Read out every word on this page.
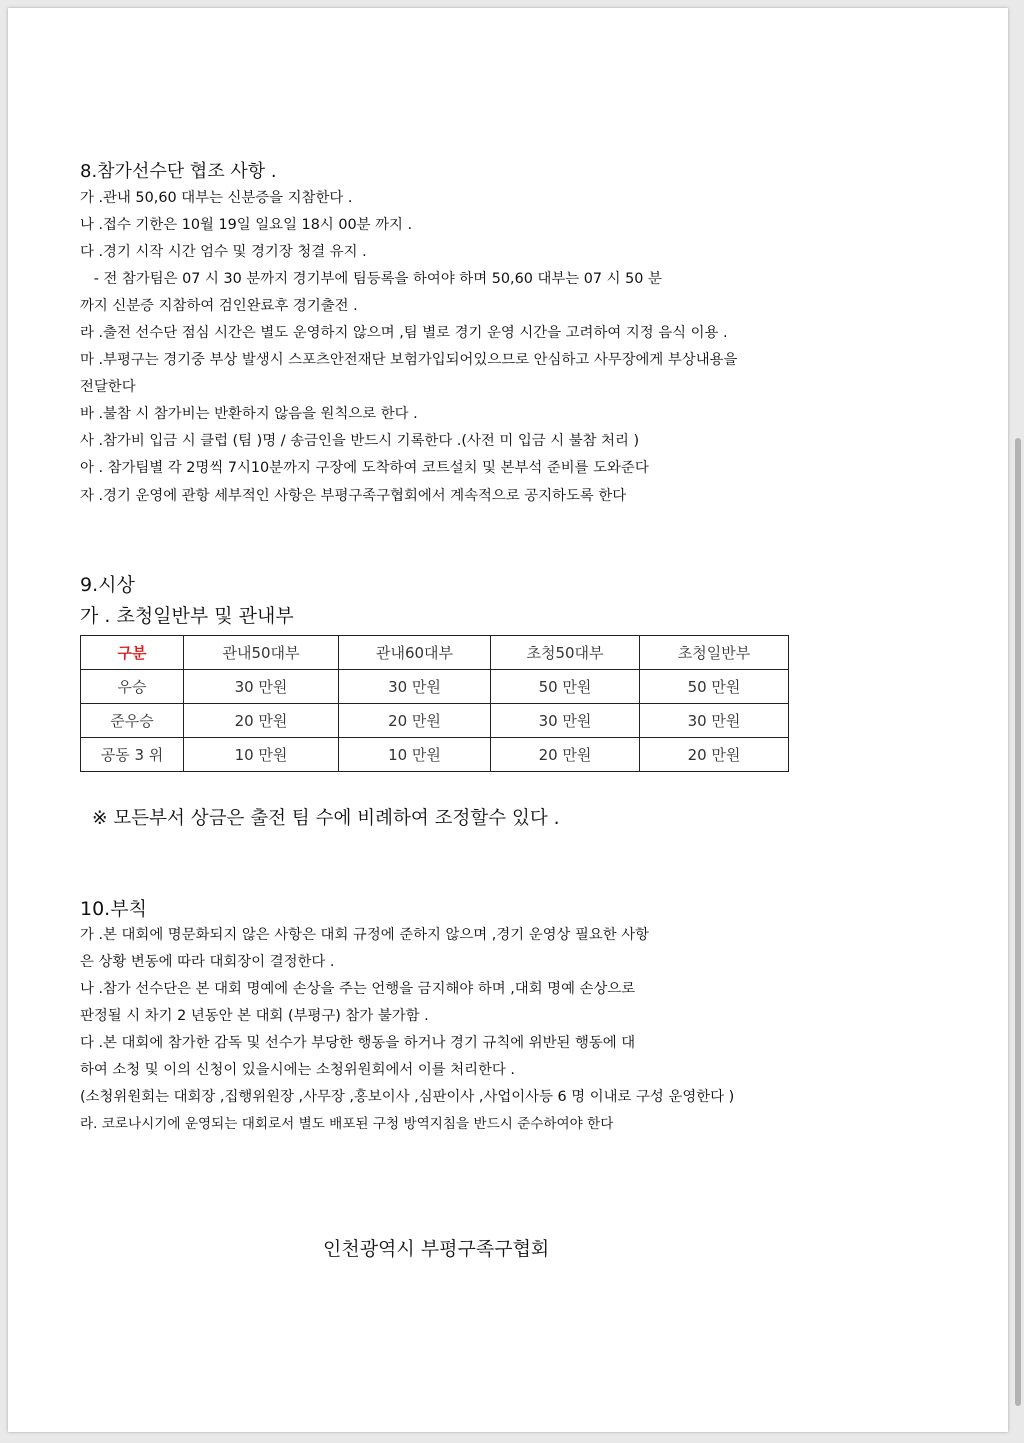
8.참가선수단 협조 사항 .
가 .관내 50,60 대부는 신분증을 지참한다 .
나 .접수 기한은 10월 19일 일요일 18시 00분 까지 .
다 .경기 시작 시간 엄수 및 경기장 청결 유지 .
- 전 참가팀은 07 시 30 분까지 경기부에 팀등록을 하여야 하며 50,60 대부는 07 시 50 분
까지 신분증 지참하여 검인완료후 경기출전 .
라 .출전 선수단 점심 시간은 별도 운영하지 않으며 ,팀 별로 경기 운영 시간을 고려하여 지정 음식 이용 .
마 .부평구는 경기중 부상 발생시 스포츠안전재단 보험가입되어있으므로 안심하고 사무장에게 부상내용을
전달한다
바 .불참 시 참가비는 반환하지 않음을 원칙으로 한다 .
사 .참가비 입금 시 클럽 (팀 )명 / 송금인을 반드시 기록한다 .(사전 미 입금 시 불참 처리 )
아 . 참가팀별 각 2명씩 7시10분까지 구장에 도착하여 코트설치 및 본부석 준비를 도와준다
자 .경기 운영에 관항 세부적인 사항은 부평구족구협회에서 계속적으로 공지하도록 한다
9.시상
가 . 초청일반부 및 관내부
구분	관내50대부	관내60대부	초청50대부	초청일반부
우승	30 만원	30 만원	50 만원	50 만원
준우승	20 만원	20 만원	30 만원	30 만원
공동 3 위	10 만원	10 만원	20 만원	20 만원
※ 모든부서 상금은 출전 팀 수에 비례하여 조정할수 있다 .
10.부칙
가 .본 대회에 명문화되지 않은 사항은 대회 규정에 준하지 않으며 ,경기 운영상 필요한 사항
은 상황 변동에 따라 대회장이 결정한다 .
나 .참가 선수단은 본 대회 명예에 손상을 주는 언행을 금지해야 하며 ,대회 명예 손상으로
판정될 시 차기 2 년동안 본 대회 (부평구) 참가 불가함 .
다 .본 대회에 참가한 감독 및 선수가 부당한 행동을 하거나 경기 규칙에 위반된 행동에 대
하여 소청 및 이의 신청이 있을시에는 소청위원회에서 이를 처리한다 .
(소청위원회는 대회장 ,집행위원장 ,사무장 ,홍보이사 ,심판이사 ,사업이사등 6 명 이내로 구성 운영한다 )
라. 코로나시기에 운영되는 대회로서 별도 배포된 구청 방역지침을 반드시 준수하여야 한다
인천광역시 부평구족구협회
